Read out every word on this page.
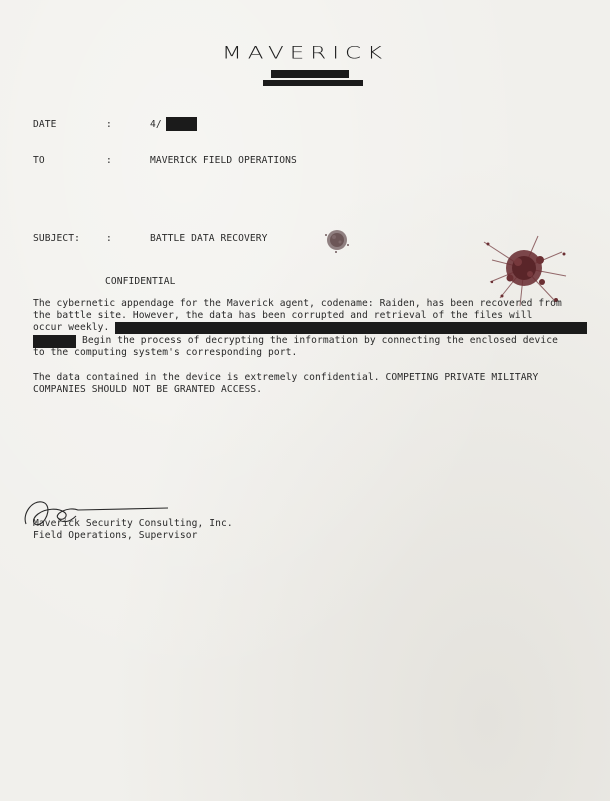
MAVERICK
DATE	:	4/
TO	:	MAVERICK FIELD OPERATIONS
SUBJECT:	:	BATTLE DATA RECOVERY
CONFIDENTIAL
The cybernetic appendage for the Maverick agent, codename: Raiden, has been recovered from
the battle site. However, the data has been corrupted and retrieval of the files will
occur weekly.
Begin the process of decrypting the information by connecting the enclosed device
to the computing system's corresponding port.
The data contained in the device is extremely confidential. COMPETING PRIVATE MILITARY
COMPANIES SHOULD NOT BE GRANTED ACCESS.
Maverick Security Consulting, Inc.
Field Operations, Supervisor
